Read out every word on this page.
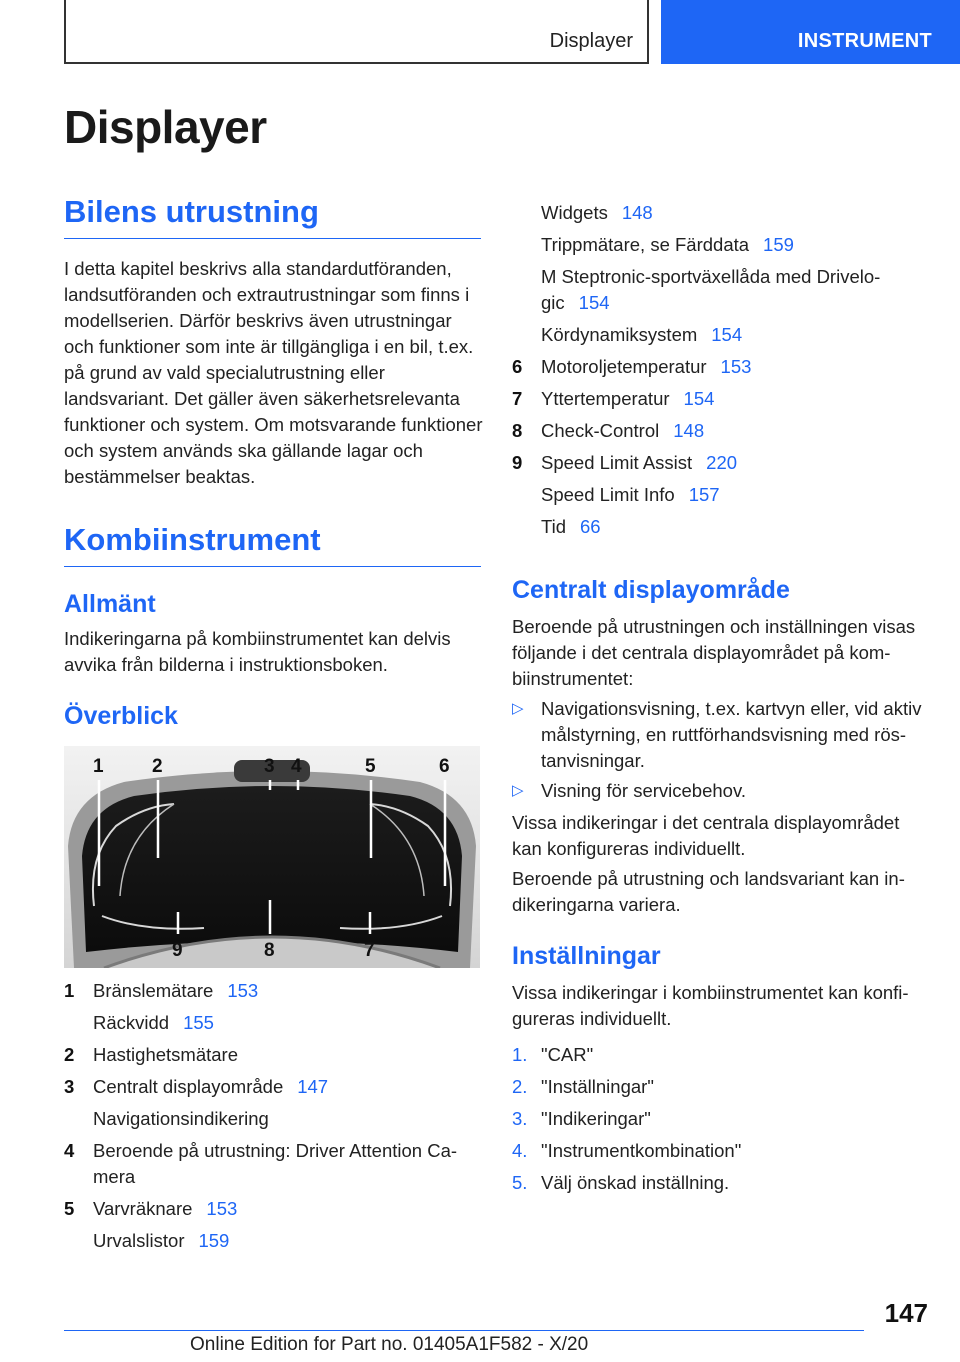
Displayer	INSTRUMENT
Displayer
Bilens utrustning
I detta kapitel beskrivs alla standardutföranden, landsutföranden och extrautrustningar som finns i modellserien. Därför beskrivs även utrustningar och funktioner som inte är tillgängliga i en bil, t.ex. på grund av vald specialutrustning eller landsvariant. Det gäller även säkerhetsrelevanta funktioner och system. Om motsvarande funktioner och system används ska gällande lagar och bestämmelser beaktas.
Kombiinstrument
Allmänt
Indikeringarna på kombiinstrumentet kan delvis avvika från bilderna i instruktionsboken.
Överblick
1	2	3 4	5	6
9	8	7
1 Bränslemätare 153
Räckvidd 155
2 Hastighetsmätare
3 Centralt displayområde 147
Navigationsindikering
4 Beroende på utrustning: Driver Attention Ca-
mera
5 Varvräknare 153
Urvalslistor 159
Widgets 148
Trippmätare, se Färddata 159
M Steptronic-sportväxellåda med Drivelo-
gic 154
Kördynamiksystem 154
6 Motoroljetemperatur 153
7 Yttertemperatur 154
8 Check-Control 148
9 Speed Limit Assist 220
Speed Limit Info 157
Tid 66
Centralt displayområde
Beroende på utrustningen och inställningen visas följande i det centrala displayområdet på kombiinstrumentet:
▷ Navigationsvisning, t.ex. kartvyn eller, vid aktiv målstyrning, en ruttförhandsvisning med röstanvisningar.
▷ Visning för servicebehov.
Vissa indikeringar i det centrala displayområdet kan konfigureras individuellt.
Beroende på utrustning och landsvariant kan indikeringarna variera.
Inställningar
Vissa indikeringar i kombiinstrumentet kan konfigureras individuellt.
1. "CAR"
2. "Inställningar"
3. "Indikeringar"
4. "Instrumentkombination"
5. Välj önskad inställning.
147
Online Edition for Part no. 01405A1F582 - X/20
